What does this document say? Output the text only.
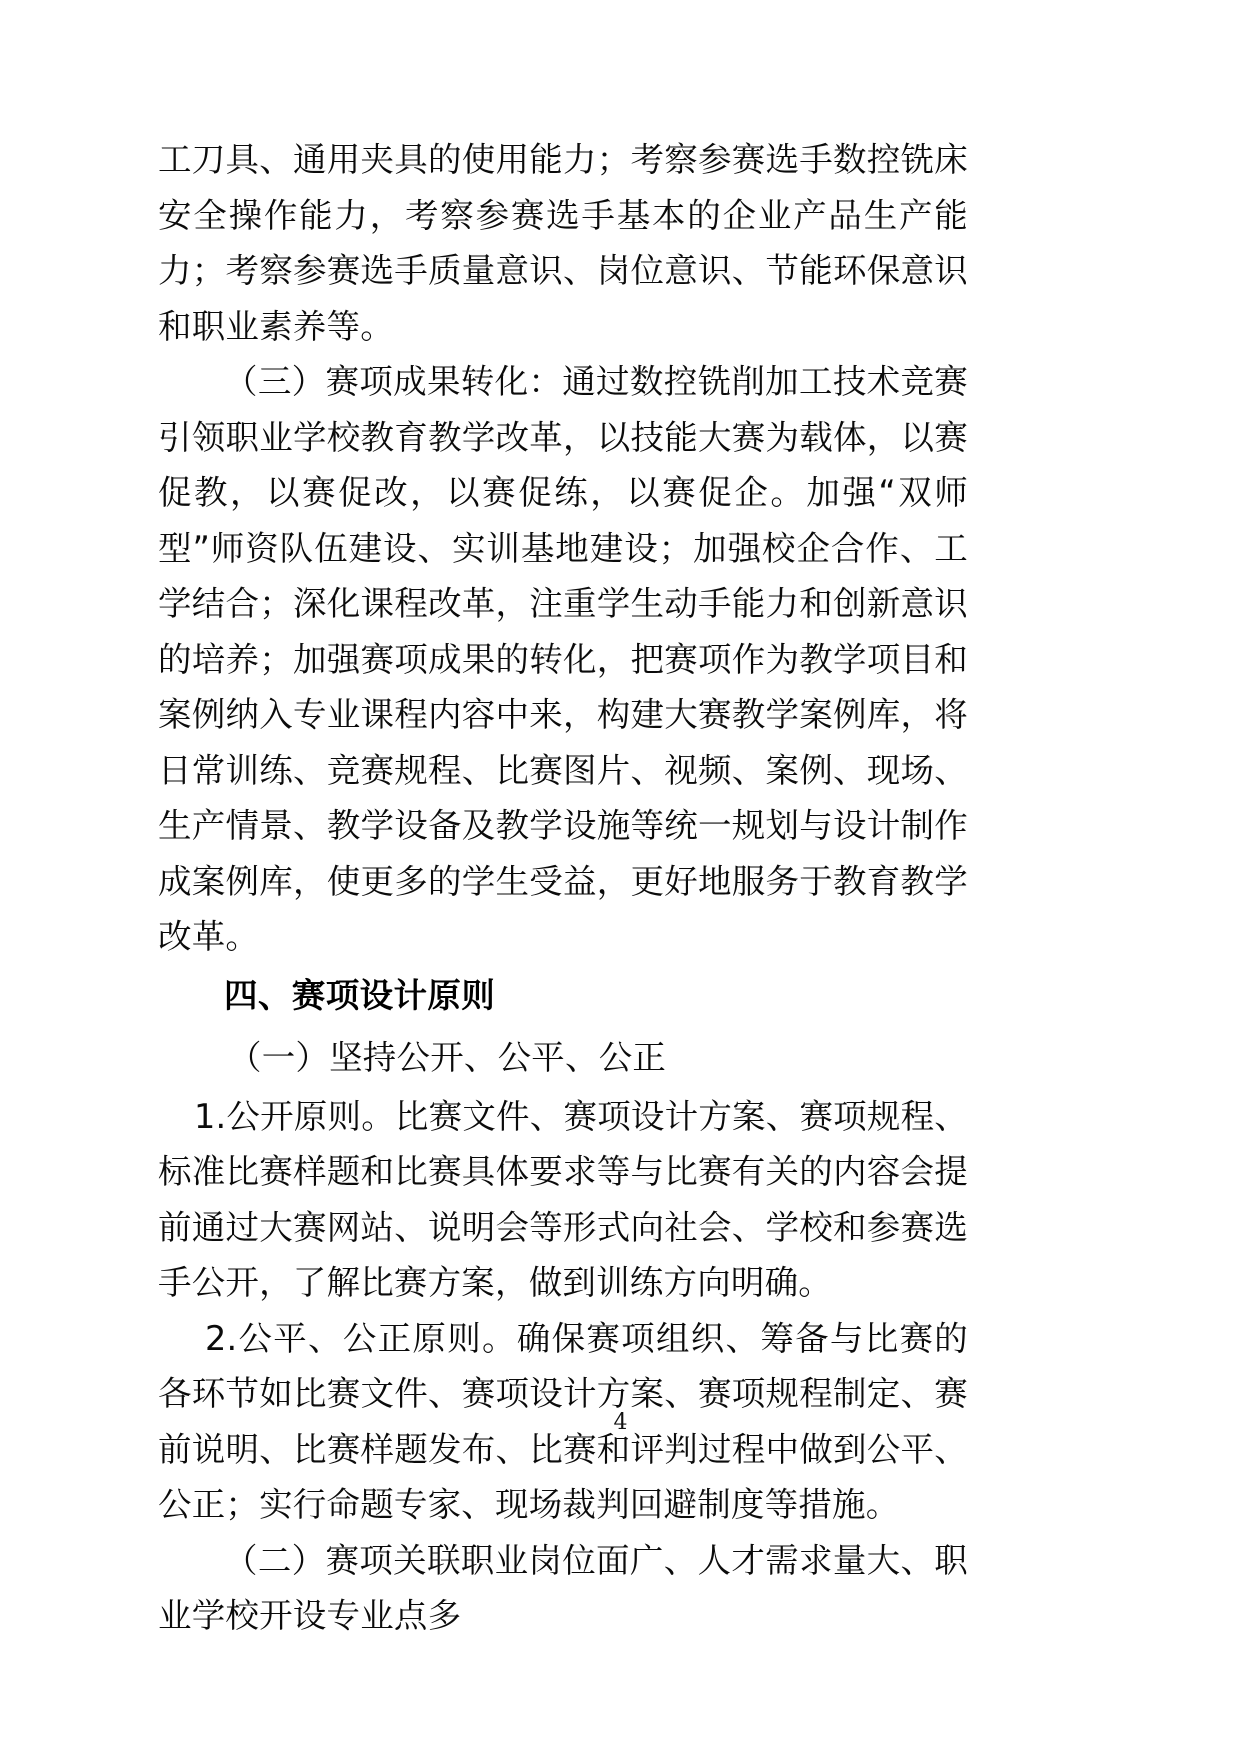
工刀具、通用夹具的使用能力；考察参赛选手数控铣床安全操作能力，考察参赛选手基本的企业产品生产能力；考察参赛选手质量意识、岗位意识、节能环保意识和职业素养等。

（三）赛项成果转化：通过数控铣削加工技术竞赛引领职业学校教育教学改革，以技能大赛为载体，以赛促教，以赛促改，以赛促练，以赛促企。加强“双师型”师资队伍建设、实训基地建设；加强校企合作、工学结合；深化课程改革，注重学生动手能力和创新意识的培养；加强赛项成果的转化，把赛项作为教学项目和案例纳入专业课程内容中来，构建大赛教学案例库，将日常训练、竞赛规程、比赛图片、视频、案例、现场、生产情景、教学设备及教学设施等统一规划与设计制作成案例库，使更多的学生受益，更好地服务于教育教学改革。

四、赛项设计原则
（一）坚持公开、公平、公正

1.公开原则。比赛文件、赛项设计方案、赛项规程、标准比赛样题和比赛具体要求等与比赛有关的内容会提前通过大赛网站、说明会等形式向社会、学校和参赛选手公开，了解比赛方案，做到训练方向明确。

2.公平、公正原则。确保赛项组织、筹备与比赛的各环节如比赛文件、赛项设计方案、赛项规程制定、赛前说明、比赛样题发布、比赛和评判过程中做到公平、公正；实行命题专家、现场裁判回避制度等措施。

（二）赛项关联职业岗位面广、人才需求量大、职业学校开设专业点多

4
